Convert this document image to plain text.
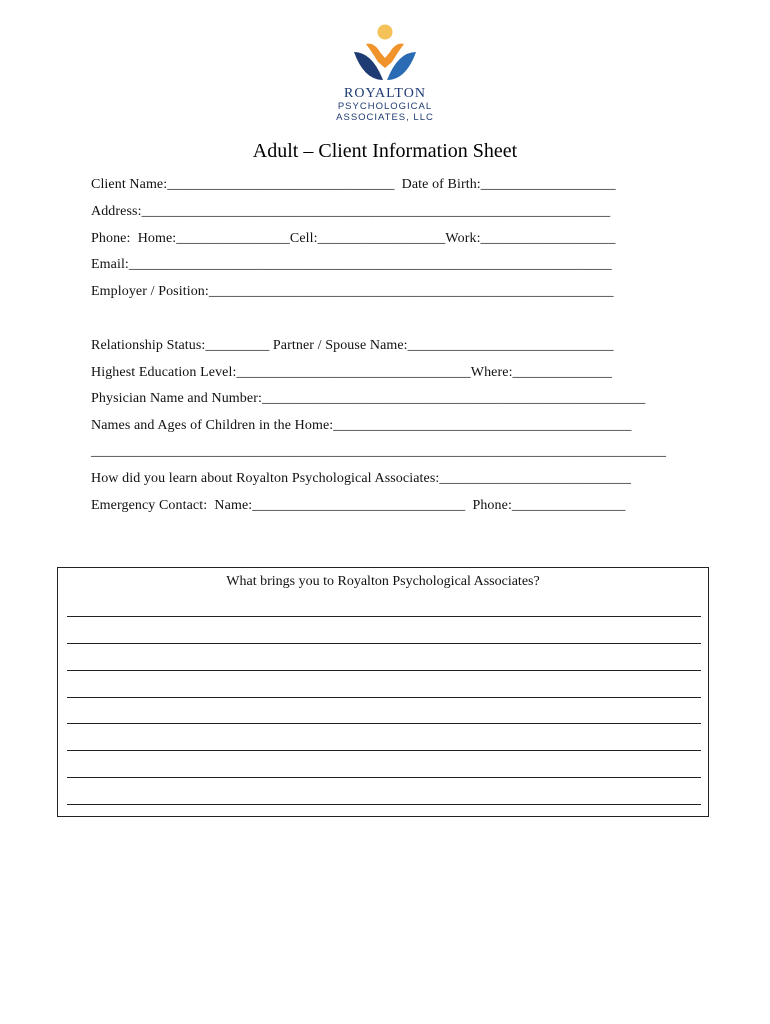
ROYALTON
PSYCHOLOGICAL
ASSOCIATES, LLC
Adult – Client Information Sheet
Client Name:________________________________  Date of Birth:___________________
Address:__________________________________________________________________
Phone:  Home:________________Cell:__________________Work:___________________
Email:____________________________________________________________________
Employer / Position:_________________________________________________________
Relationship Status:_________ Partner / Spouse Name:_____________________________
Highest Education Level:_________________________________Where:______________
Physician Name and Number:______________________________________________________
Names and Ages of Children in the Home:__________________________________________
_________________________________________________________________________________
How did you learn about Royalton Psychological Associates:___________________________
Emergency Contact:  Name:______________________________  Phone:________________
What brings you to Royalton Psychological Associates?
